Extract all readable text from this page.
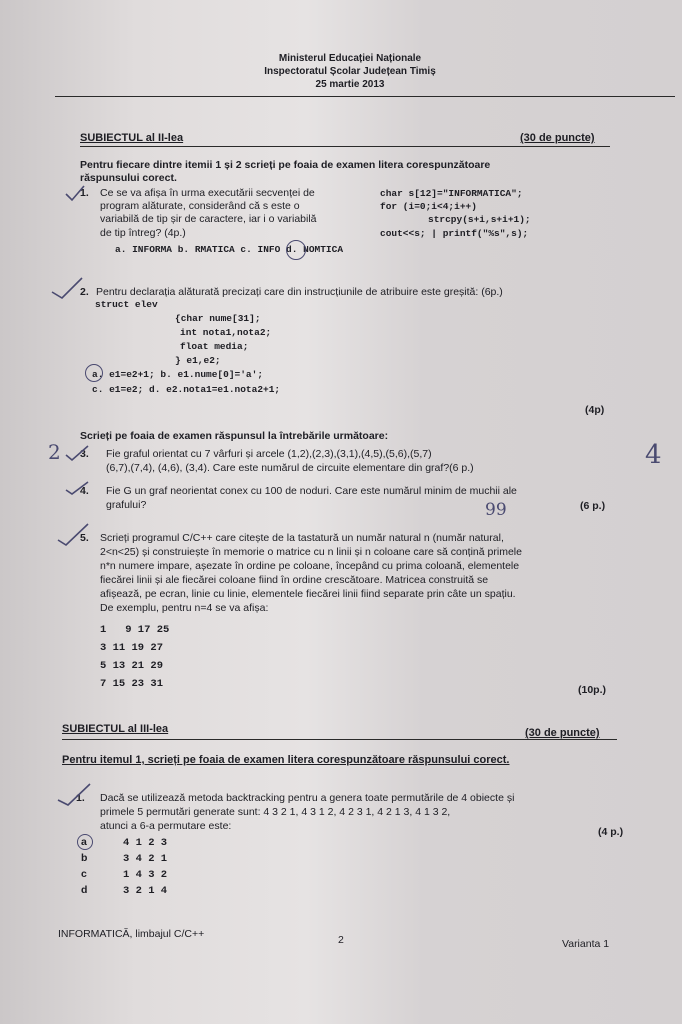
Ministerul Educației Naționale
Inspectoratul Școlar Județean Timiș
25 martie 2013
SUBIECTUL al II-lea	(30 de puncte)
Pentru fiecare dintre itemii 1 și 2 scrieți pe foaia de examen litera corespunzătoare
răspunsului corect.
1. Ce se va afișa în urma executării secvenței de
program alăturate, considerând că s este o
variabilă de tip șir de caractere, iar i o variabilă
de tip întreg? (4p.)
a. INFORMA b. RMATICA c. INFO d. NOMTICA
char s[12]="INFORMATICA";
for (i=0;i<4;i++)
strcpy(s+i,s+i+1);
cout<<s; | printf("%s",s);
2. Pentru declarația alăturată precizați care din instrucțiunile de atribuire este greșită: (6p.)
struct elev
{char nume[31];
int nota1,nota2;
float media;
} e1,e2;
a. e1=e2+1; b. e1.nume[0]='a';
c. e1=e2; d. e2.nota1=e1.nota2+1;
(4p)
Scrieți pe foaia de examen răspunsul la întrebările următoare:
2 3. Fie graful orientat cu 7 vârfuri și arcele (1,2),(2,3),(3,1),(4,5),(5,6),(5,7)
(6,7),(7,4), (4,6), (3,4). Care este numărul de circuite elementare din graf?(6 p.)	4
4. Fie G un graf neorientat conex cu 100 de noduri. Care este numărul minim de muchii ale
grafului?	99	(6 p.)
5. Scrieți programul C/C++ care citește de la tastatură un număr natural n (număr natural,
2<n<25) și construiește în memorie o matrice cu n linii și n coloane care să conțină primele
n*n numere impare, așezate în ordine pe coloane, începând cu prima coloană, elementele
fiecărei linii și ale fiecărei coloane fiind în ordine crescătoare. Matricea construită se
afișează, pe ecran, linie cu linie, elementele fiecărei linii fiind separate prin câte un spațiu.
De exemplu, pentru n=4 se va afișa:
1   9 17 25
3 11 19 27
5 13 21 29
7 15 23 31	(10p.)
SUBIECTUL al III-lea	(30 de puncte)
Pentru itemul 1, scrieți pe foaia de examen litera corespunzătoare răspunsului corect.
1. Dacă se utilizează metoda backtracking pentru a genera toate permutările de 4 obiecte și
primele 5 permutări generate sunt: 4 3 2 1, 4 3 1 2, 4 2 3 1, 4 2 1 3, 4 1 3 2,
atunci a 6-a permutare este:	(4 p.)
a	4 1 2 3
b	3 4 2 1
c	1 4 3 2
d	3 2 1 4
INFORMATICĂ, limbajul C/C++	2	Varianta 1
